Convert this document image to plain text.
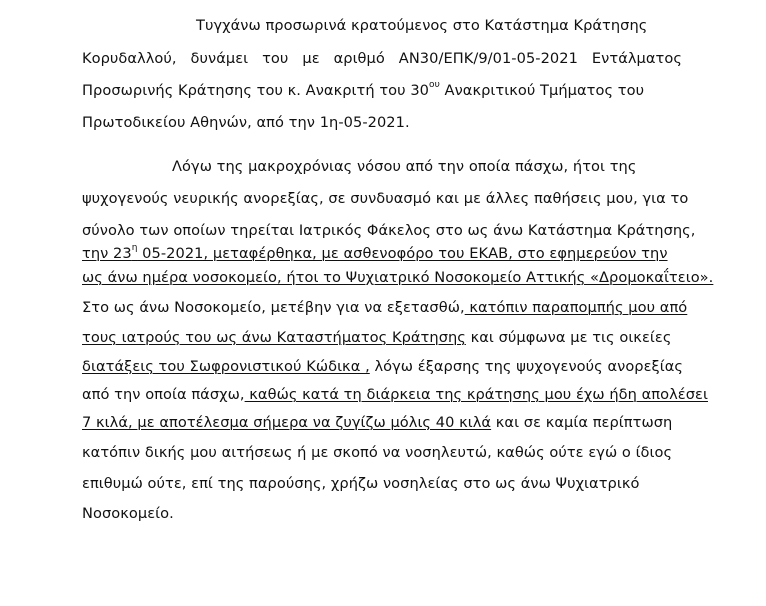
Τυγχάνω προσωρινά κρατούμενος στο Κατάστημα Κράτησης
Κορυδαλλού, δυνάμει του με αριθμό ΑΝ30/ΕΠΚ/9/01-05-2021 Εντάλματος
Προσωρινής Κράτησης του κ. Ανακριτή του $30^{o\upsilon}$ Ανακριτικού Τμήματος του
Πρωτοδικείου Αθηνών, από την 1η-05-2021.
Λόγω της μακροχρόνιας νόσου από την οποία πάσχω, ήτοι της
ψυχογενούς νευρικής ανορεξίας, σε συνδυασμό και με άλλες παθήσεις μου, για το
σύνολο των οποίων τηρείται Ιατρικός Φάκελος στο ως άνω Κατάστημα Κράτησης,
την $23^\eta$ 05-2021, μεταφέρθηκα, με ασθενοφόρο του ΕΚΑΒ, στο εφημερεύον την
ως άνω ημέρα νοσοκομείο, ήτοι το Ψυχιατρικό Νοσοκομείο Αττικής «Δρομοκαΐτειο».
Στο ως άνω Νοσοκομείο, μετέβην για να εξετασθώ, κατόπιν παραπομπής μου από
τους ιατρούς του ως άνω Καταστήματος Κράτησης και σύμφωνα με τις οικείες
διατάξεις του Σωφρονιστικού Κώδικα , λόγω έξαρσης της ψυχογενούς ανορεξίας
από την οποία πάσχω, καθώς κατά τη διάρκεια της κράτησης μου έχω ήδη απολέσει
7 κιλά, με αποτέλεσμα σήμερα να ζυγίζω μόλις 40 κιλά και σε καμία περίπτωση
κατόπιν δικής μου αιτήσεως ή με σκοπό να νοσηλευτώ, καθώς ούτε εγώ ο ίδιος
επιθυμώ ούτε, επί της παρούσης, χρήζω νοσηλείας στο ως άνω Ψυχιατρικό
Νοσοκομείο.
